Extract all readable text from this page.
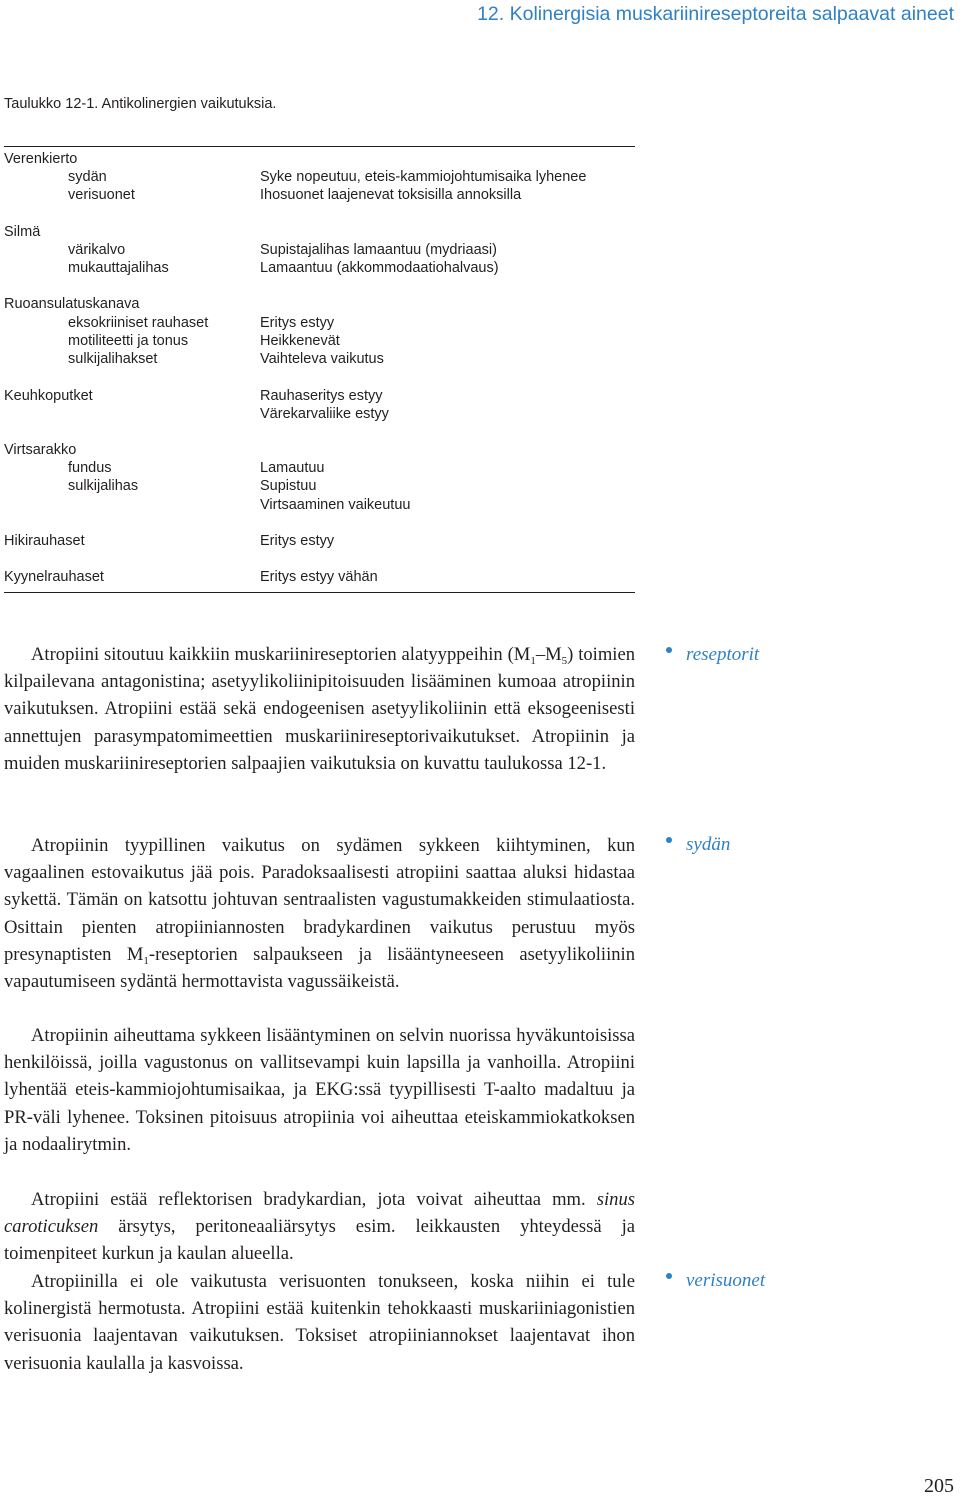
12. Kolinergisia muskariinireseptoreita salpaavat aineet
Taulukko 12-1. Antikolinergien vaikutuksia.
Verenkierto
sydän	Syke nopeutuu, eteis-kammiojohtumisaika lyhenee
verisuonet	Ihosuonet laajenevat toksisilla annoksilla
Silmä
värikalvo	Supistajalihas lamaantuu (mydriaasi)
mukauttajalihas	Lamaantuu (akkommodaatiohalvaus)
Ruoansulatuskanava
eksokriiniset rauhaset	Eritys estyy
motiliteetti ja tonus	Heikkenevät
sulkijalihakset	Vaihteleva vaikutus
Keuhkoputket	Rauhaseritys estyy
Värekarvaliike estyy
Virtsarakko
fundus	Lamautuu
sulkijalihas	Supistuu
Virtsaaminen vaikeutuu
Hikirauhaset	Eritys estyy
Kyynelrauhaset	Eritys estyy vähän

Atropiini sitoutuu kaikkiin muskariinireseptorien alatyyppeihin $(M_1-M_5)$ toimien kilpailevana antagonistina; asetyylikoliinipitoisuuden lisääminen kumoaa atropiinin vaikutuksen. Atropiini estää sekä endogeenisen asetyylikoliinin että eksogeenisesti annettujen parasympatomimeettien muskariinireseptorivaikutukset. Atropiinin ja muiden muskariinireseptorien salpaajien vaikutuksia on kuvattu taulukossa 12-1.

Atropiinin tyypillinen vaikutus on sydämen sykkeen kiihtyminen, kun vagaalinen estovaikutus jää pois. Paradoksaalisesti atropiini saattaa aluksi hidastaa sykettä. Tämän on katsottu johtuvan sentraalisten vagustumakkeiden stimulaatiosta. Osittain pienten atropiiniannosten bradykardinen vaikutus perustuu myös presynaptisten $M_1$-reseptorien salpaukseen ja lisääntyneeseen asetyylikoliinin vapautumiseen sydäntä hermottavista vagussäikeistä.

Atropiinin aiheuttama sykkeen lisääntyminen on selvin nuorissa hyväkuntoisissa henkilöissä, joilla vagustonus on vallitsevampi kuin lapsilla ja vanhoilla. Atropiini lyhentää eteis-kammiojohtumisaikaa, ja EKG:ssä tyypillisesti T-aalto madaltuu ja PR-väli lyhenee. Toksinen pitoisuus atropiinia voi aiheuttaa eteiskammiokatkoksen ja nodaalirytmin.

Atropiini estää reflektorisen bradykardian, jota voivat aiheuttaa mm. sinus caroticuksen ärsytys, peritoneaaliärsytys esim. leikkausten yhteydessä ja toimenpiteet kurkun ja kaulan alueella.

Atropiinilla ei ole vaikutusta verisuonten tonukseen, koska niihin ei tule kolinergistä hermotusta. Atropiini estää kuitenkin tehokkaasti muskariiniagonistien verisuonia laajentavan vaikutuksen. Toksiset atropiiniannokset laajentavat ihon verisuonia kaulalla ja kasvoissa.

reseptorit
sydän
verisuonet
205
